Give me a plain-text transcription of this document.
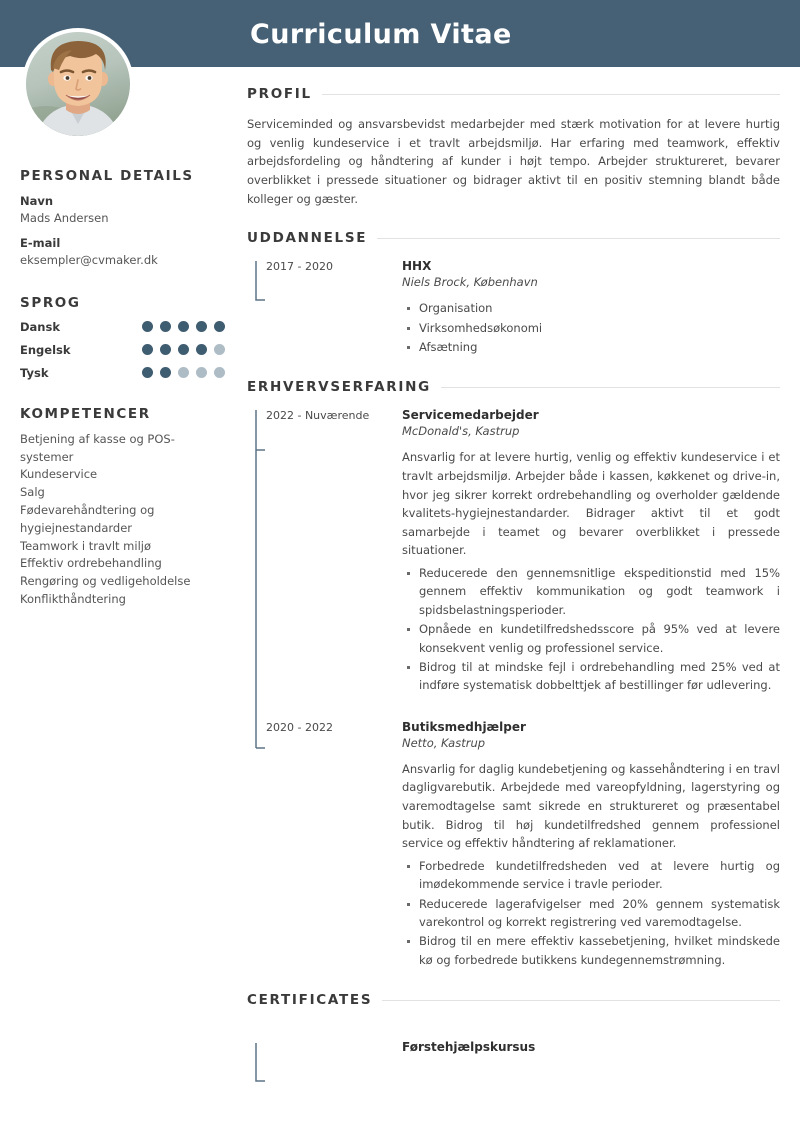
Curriculum Vitae
PERSONAL DETAILS
Navn
Mads Andersen
E-mail
eksempler@cvmaker.dk
SPROG
Dansk
Engelsk
Tysk
KOMPETENCER
Betjening af kasse og POS-systemer
Kundeservice
Salg
Fødevarehåndtering og hygiejnestandarder
Teamwork i travlt miljø
Effektiv ordrebehandling
Rengøring og vedligeholdelse
Konflikthåndtering
PROFIL

Serviceminded og ansvarsbevidst medarbejder med stærk motivation for at levere hurtig og venlig kundeservice i et travlt arbejdsmiljø. Har erfaring med teamwork, effektiv arbejdsfordeling og håndtering af kunder i højt tempo. Arbejder struktureret, bevarer overblikket i pressede situationer og bidrager aktivt til en positiv stemning blandt både kolleger og gæster.

UDDANNELSE
2017 - 2020	HHX
Niels Brock, København
Organisation
Virksomhedsøkonomi
Afsætning
ERHVERVSERFARING
2022 - Nuværende	Servicemedarbejder
McDonald's, Kastrup

Ansvarlig for at levere hurtig, venlig og effektiv kundeservice i et travlt arbejdsmiljø. Arbejder både i kassen, køkkenet og drive-in, hvor jeg sikrer korrekt ordrebehandling og overholder gældende kvalitets-hygiejnestandarder. Bidrager aktivt til et godt samarbejde i teamet og bevarer overblikket i pressede situationer.

Reducerede den gennemsnitlige ekspeditionstid med 15% gennem effektiv kommunikation og godt teamwork i spidsbelastningsperioder.
Opnåede en kundetilfredshedsscore på 95% ved at levere konsekvent venlig og professionel service.
Bidrog til at mindske fejl i ordrebehandling med 25% ved at indføre systematisk dobbelttjek af bestillinger før udlevering.
2020 - 2022	Butiksmedhjælper
Netto, Kastrup

Ansvarlig for daglig kundebetjening og kassehåndtering i en travl dagligvarebutik. Arbejdede med vareopfyldning, lagerstyring og varemodtagelse samt sikrede en struktureret og præsentabel butik. Bidrog til høj kundetilfredshed gennem professionel service og effektiv håndtering af reklamationer.

Forbedrede kundetilfredsheden ved at levere hurtig og imødekommende service i travle perioder.
Reducerede lagerafvigelser med 20% gennem systematisk varekontrol og korrekt registrering ved varemodtagelse.
Bidrog til en mere effektiv kassebetjening, hvilket mindskede kø og forbedrede butikkens kundegennemstrømning.
CERTIFICATES
Førstehjælpskursus
